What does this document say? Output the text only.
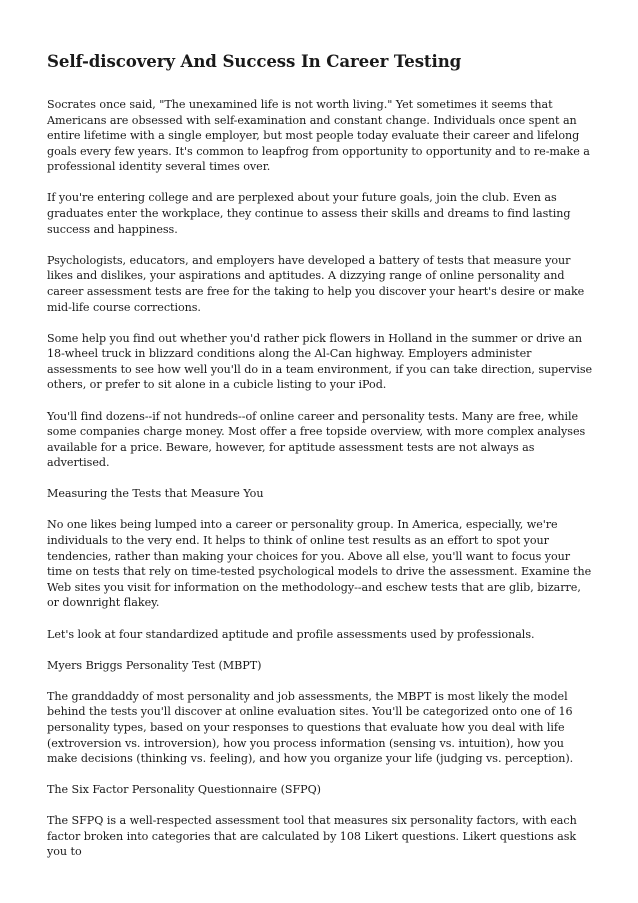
Self-discovery And Success In Career Testing

Socrates once said, "The unexamined life is not worth living." Yet sometimes it seems that Americans are obsessed with self-examination and constant change. Individuals once spent an entire lifetime with a single employer, but most people today evaluate their career and lifelong goals every few years. It's common to leapfrog from opportunity to opportunity and to re-make a professional identity several times over.

If you're entering college and are perplexed about your future goals, join the club. Even as graduates enter the workplace, they continue to assess their skills and dreams to find lasting success and happiness.

Psychologists, educators, and employers have developed a battery of tests that measure your likes and dislikes, your aspirations and aptitudes. A dizzying range of online personality and career assessment tests are free for the taking to help you discover your heart's desire or make mid-life course corrections.

Some help you find out whether you'd rather pick flowers in Holland in the summer or drive an 18-wheel truck in blizzard conditions along the Al-Can highway. Employers administer assessments to see how well you'll do in a team environment, if you can take direction, supervise others, or prefer to sit alone in a cubicle listing to your iPod.

You'll find dozens--if not hundreds--of online career and personality tests. Many are free, while some companies charge money. Most offer a free topside overview, with more complex analyses available for a price. Beware, however, for aptitude assessment tests are not always as advertised.

Measuring the Tests that Measure You

No one likes being lumped into a career or personality group. In America, especially, we're individuals to the very end. It helps to think of online test results as an effort to spot your tendencies, rather than making your choices for you. Above all else, you'll want to focus your time on tests that rely on time-tested psychological models to drive the assessment. Examine the Web sites you visit for information on the methodology--and eschew tests that are glib, bizarre, or downright flakey.

Let's look at four standardized aptitude and profile assessments used by professionals.

Myers Briggs Personality Test (MBPT)

The granddaddy of most personality and job assessments, the MBPT is most likely the model behind the tests you'll discover at online evaluation sites. You'll be categorized onto one of 16 personality types, based on your responses to questions that evaluate how you deal with life (extroversion vs. introversion), how you process information (sensing vs. intuition), how you make decisions (thinking vs. feeling), and how you organize your life (judging vs. perception).

The Six Factor Personality Questionnaire (SFPQ)

The SFPQ is a well-respected assessment tool that measures six personality factors, with each factor broken into categories that are calculated by 108 Likert questions. Likert questions ask you to
